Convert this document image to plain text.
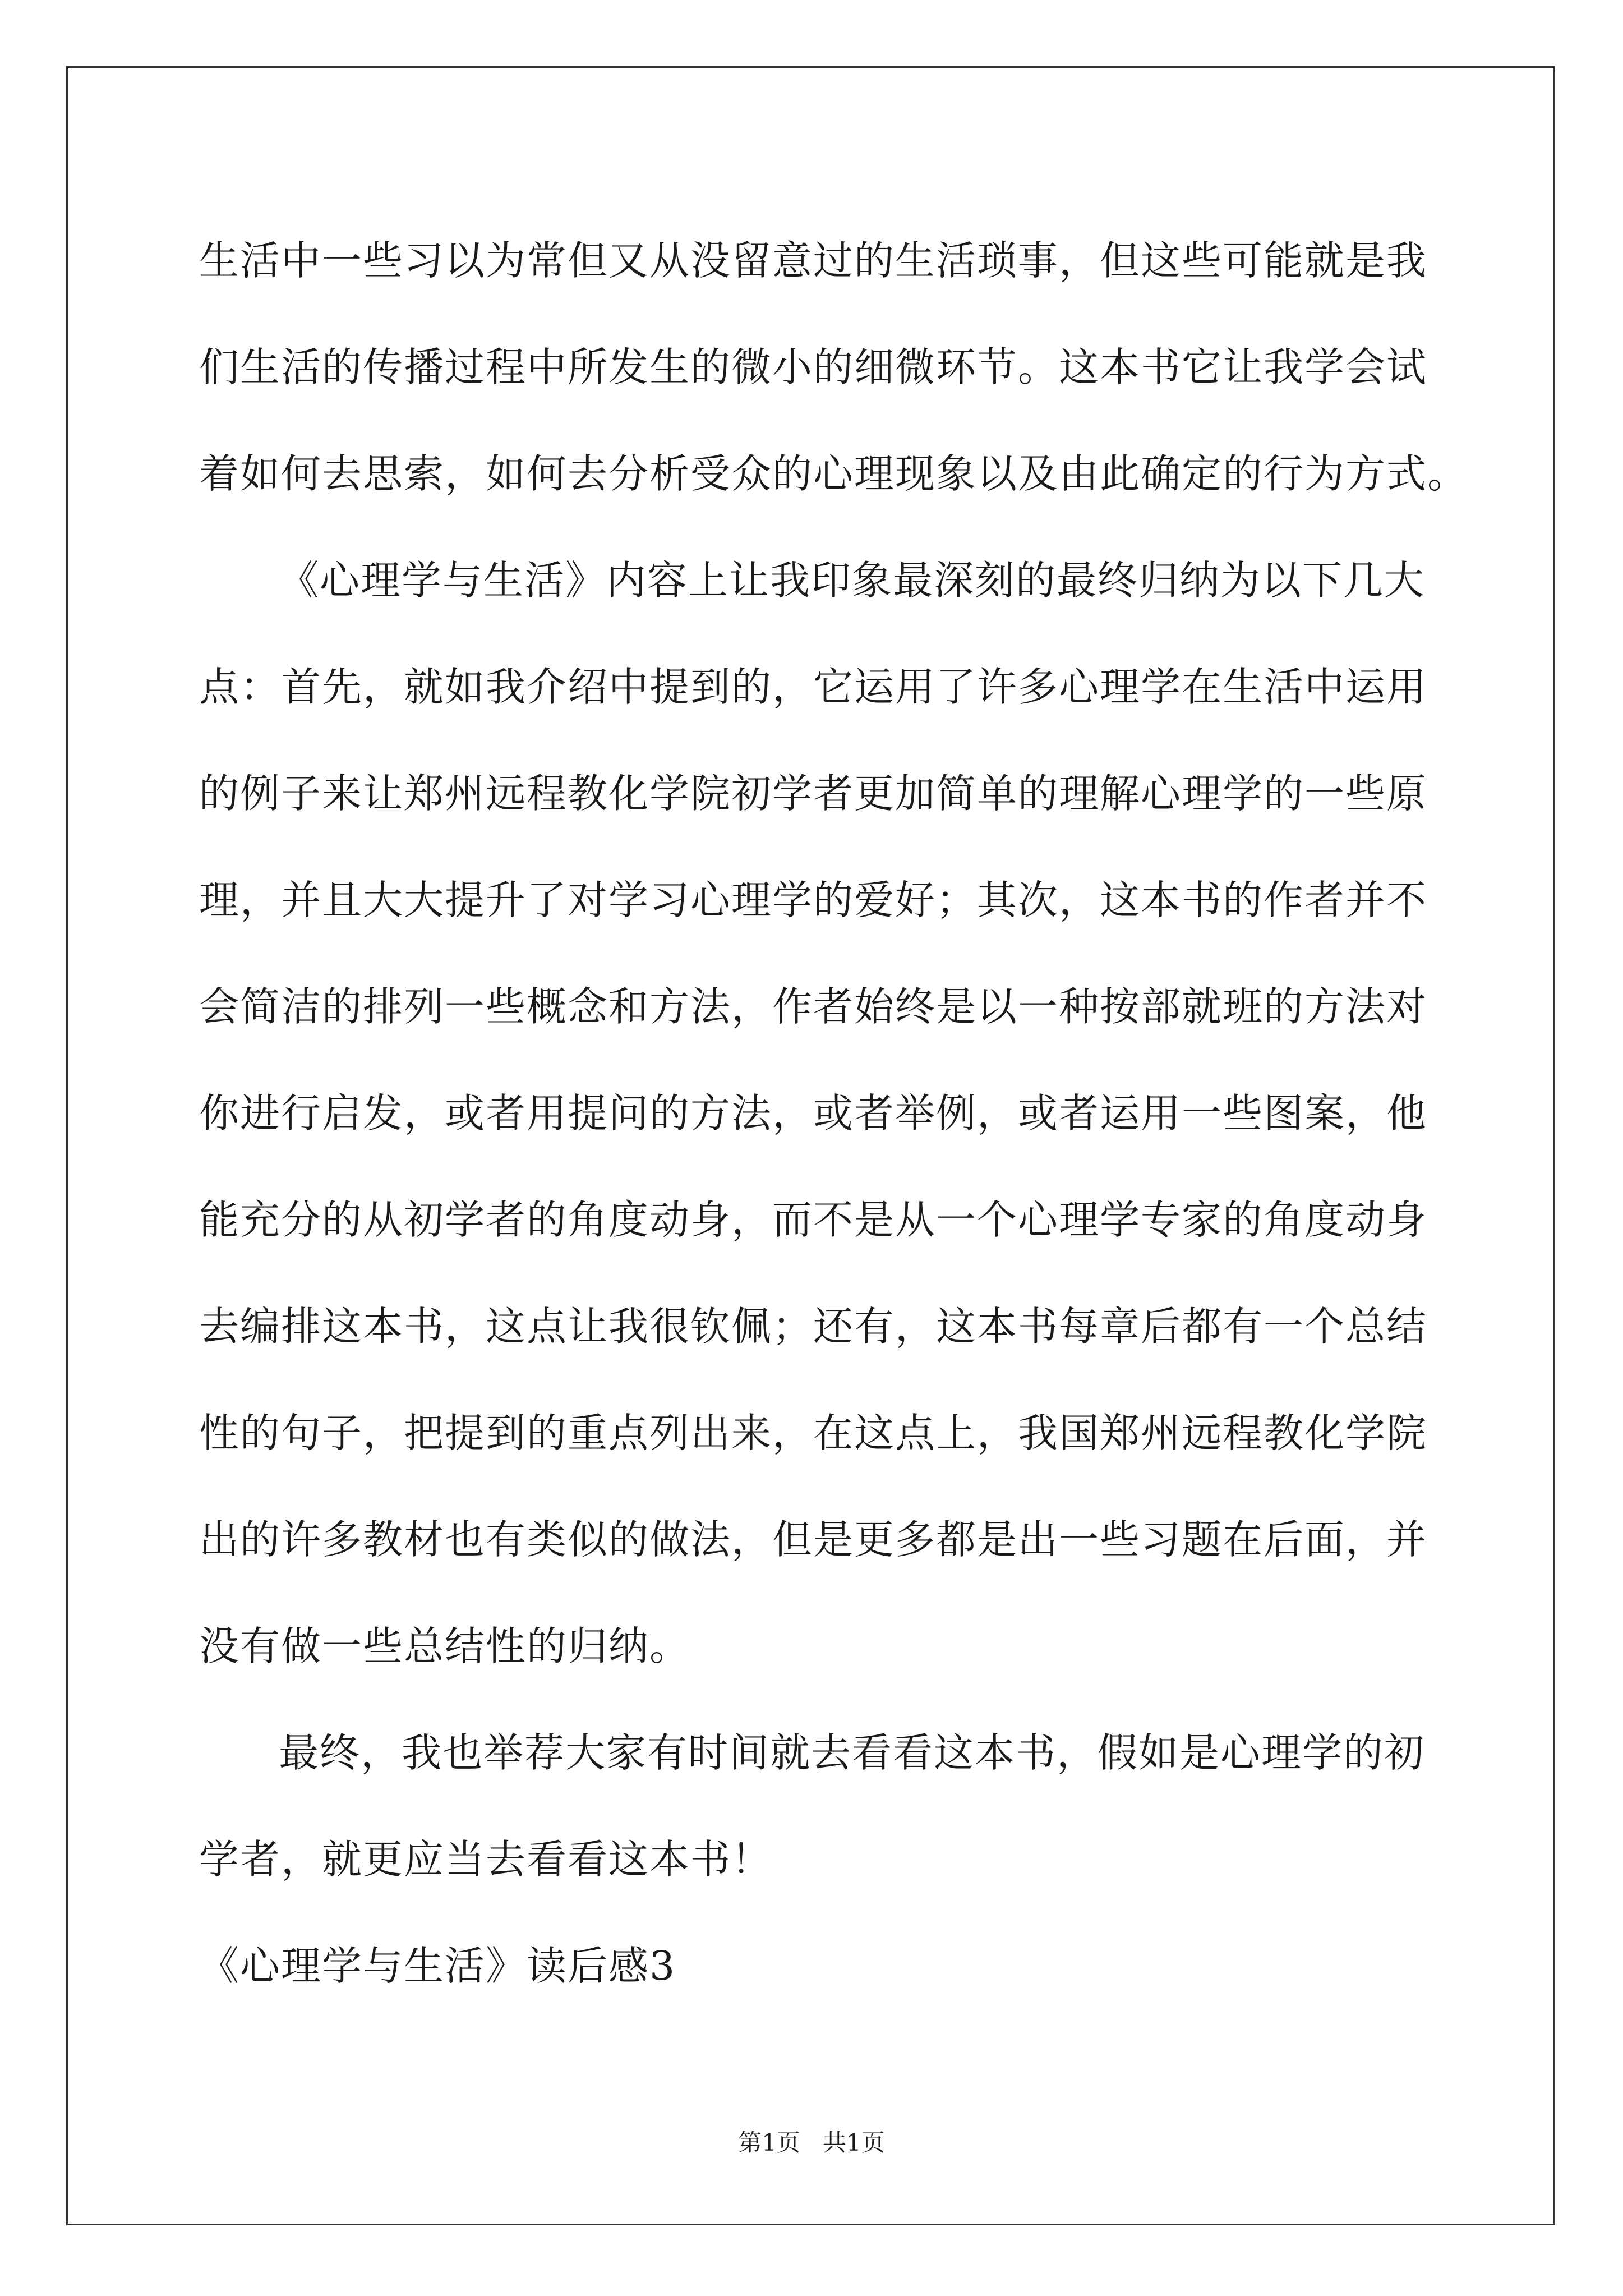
生活中一些习以为常但又从没留意过的生活琐事，但这些可能就是我
们生活的传播过程中所发生的微小的细微环节。这本书它让我学会试
着如何去思索，如何去分析受众的心理现象以及由此确定的行为方式。
《心理学与生活》内容上让我印象最深刻的最终归纳为以下几大
点：首先，就如我介绍中提到的，它运用了许多心理学在生活中运用
的例子来让郑州远程教化学院初学者更加简单的理解心理学的一些原
理，并且大大提升了对学习心理学的爱好；其次，这本书的作者并不
会简洁的排列一些概念和方法，作者始终是以一种按部就班的方法对
你进行启发，或者用提问的方法，或者举例，或者运用一些图案，他
能充分的从初学者的角度动身，而不是从一个心理学专家的角度动身
去编排这本书，这点让我很钦佩；还有，这本书每章后都有一个总结
性的句子，把提到的重点列出来，在这点上，我国郑州远程教化学院
出的许多教材也有类似的做法，但是更多都是出一些习题在后面，并
没有做一些总结性的归纳。
最终，我也举荐大家有时间就去看看这本书，假如是心理学的初
学者，就更应当去看看这本书！
《心理学与生活》读后感3
第1页   共1页
